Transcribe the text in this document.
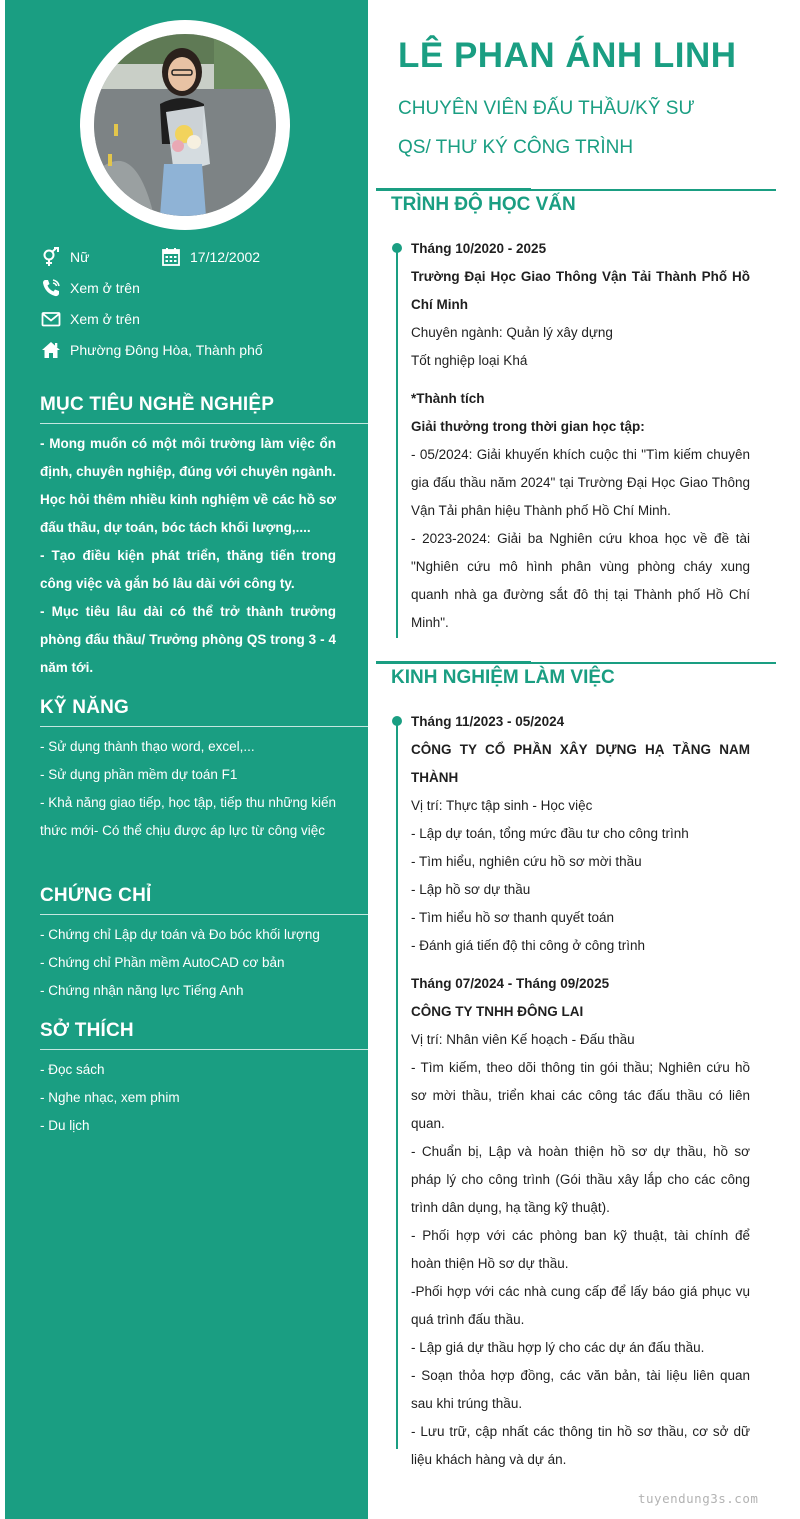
Nữ	17/12/2002
Xem ở trên
Xem ở trên
Phường Đông Hòa, Thành phố
MỤC TIÊU NGHỀ NGHIỆP

- Mong muốn có một môi trường làm việc ổn định, chuyên nghiệp, đúng với chuyên ngành. Học hỏi thêm nhiều kinh nghiệm về các hồ sơ đấu thầu, dự toán, bóc tách khối lượng,....

- Tạo điều kiện phát triển, thăng tiến trong công việc và gắn bó lâu dài với công ty.

- Mục tiêu lâu dài có thể trở thành trưởng phòng đấu thầu/ Trưởng phòng QS trong 3 - 4 năm tới.

KỸ NĂNG

- Sử dụng thành thạo word, excel,...

- Sử dụng phần mềm dự toán F1

- Khả năng giao tiếp, học tập, tiếp thu những kiến thức mới- Có thể chịu được áp lực từ công việc

CHỨNG CHỈ

- Chứng chỉ Lập dự toán và Đo bóc khối lượng

- Chứng chỉ Phần mềm AutoCAD cơ bản

- Chứng nhận năng lực Tiếng Anh

SỞ THÍCH

- Đọc sách

- Nghe nhạc, xem phim

- Du lịch

LÊ PHAN ÁNH LINH
CHUYÊN VIÊN ĐẤU THẦU/KỸ SƯ
QS/ THƯ KÝ CÔNG TRÌNH
TRÌNH ĐỘ HỌC VẤN

Tháng 10/2020 - 2025

Trường Đại Học Giao Thông Vận Tải Thành Phố Hồ Chí Minh

Chuyên ngành: Quản lý xây dựng

Tốt nghiệp loại Khá

*Thành tích

Giải thưởng trong thời gian học tập:

- 05/2024: Giải khuyến khích cuộc thi "Tìm kiếm chuyên gia đấu thầu năm 2024" tại Trường Đại Học Giao Thông Vận Tải phân hiệu Thành phố Hồ Chí Minh.

- 2023-2024: Giải ba Nghiên cứu khoa học về đề tài "Nghiên cứu mô hình phân vùng phòng cháy xung quanh nhà ga đường sắt đô thị tại Thành phố Hồ Chí Minh".

KINH NGHIỆM LÀM VIỆC

Tháng 11/2023 - 05/2024

CÔNG TY CỔ PHẦN XÂY DỰNG HẠ TẦNG NAM THÀNH

Vị trí: Thực tập sinh - Học việc

- Lập dự toán, tổng mức đầu tư cho công trình

- Tìm hiểu, nghiên cứu hồ sơ mời thầu

- Lập hồ sơ dự thầu

- Tìm hiểu hồ sơ thanh quyết toán

- Đánh giá tiến độ thi công ở công trình

Tháng 07/2024 - Tháng 09/2025

CÔNG TY TNHH ĐÔNG LAI

Vị trí: Nhân viên Kế hoạch - Đấu thầu

- Tìm kiếm, theo dõi thông tin gói thầu; Nghiên cứu hồ sơ mời thầu, triển khai các công tác đấu thầu có liên quan.

- Chuẩn bị, Lập và hoàn thiện hồ sơ dự thầu, hồ sơ pháp lý cho công trình (Gói thầu xây lắp cho các công trình dân dụng, hạ tầng kỹ thuật).

- Phối hợp với các phòng ban kỹ thuật, tài chính để hoàn thiện Hồ sơ dự thầu.

-Phối hợp với các nhà cung cấp để lấy báo giá phục vụ quá trình đấu thầu.

- Lập giá dự thầu hợp lý cho các dự án đấu thầu.

- Soạn thỏa hợp đồng, các văn bản, tài liệu liên quan sau khi trúng thầu.

- Lưu trữ, cập nhất các thông tin hồ sơ thầu, cơ sở dữ liệu khách hàng và dự án.

tuyendung3s.com
